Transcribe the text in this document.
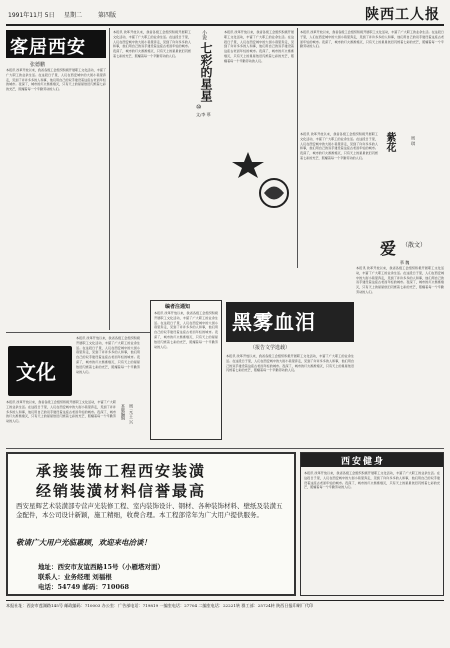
1991年11月 5日 星期二	第四版	陕西工人报
客居西安
张德鹏
本报讯 改革开放以来，我省各级工会组织积极开展职工文化活动，丰富了广大职工的业余生活。在这段日子里，人们在西安城中的大街小巷里奔走，见到了许许多多的人和事，他们用自己的双手建设着这座古老而年轻的城市。夜深了，城市的灯火渐渐熄灭，只有天上的星星依旧闪烁着七彩的光芒，照耀着每一个辛勤劳动的人们。
本报讯 改革开放以来，我省各级工会组织积极开展职工文化活动，丰富了广大职工的业余生活。在这段日子里，人们在西安城中的大街小巷里奔走，见到了许许多多的人和事，他们用自己的双手建设着这座古老而年轻的城市。夜深了，城市的灯火渐渐熄灭，只有天上的星星依旧闪烁着七彩的光芒，照耀着每一个辛勤劳动的人们。
小说
七彩的星星
⑩
文/李 慕
本报讯 改革开放以来，我省各级工会组织积极开展职工文化活动，丰富了广大职工的业余生活。在这段日子里，人们在西安城中的大街小巷里奔走，见到了许许多多的人和事，他们用自己的双手建设着这座古老而年轻的城市。夜深了，城市的灯火渐渐熄灭，只有天上的星星依旧闪烁着七彩的光芒，照耀着每一个辛勤劳动的人们。
本报讯 改革开放以来，我省各级工会组织积极开展职工文化活动，丰富了广大职工的业余生活。在这段日子里，人们在西安城中的大街小巷里奔走，见到了许许多多的人和事，他们用自己的双手建设着这座古老而年轻的城市。夜深了，城市的灯火渐渐熄灭，只有天上的星星依旧闪烁着七彩的光芒，照耀着每一个辛勤劳动的人们。
紫花	周 琪
本报讯 改革开放以来，我省各级工会组织积极开展职工文化活动，丰富了广大职工的业余生活。在这段日子里，人们在西安城中的大街小巷里奔走，见到了许许多多的人和事，他们用自己的双手建设着这座古老而年轻的城市。夜深了，城市的灯火渐渐熄灭，只有天上的星星依旧闪烁着七彩的光芒，照耀着每一个辛勤劳动的人们。
爱 （散文）
慕 魏
本报讯 改革开放以来，我省各级工会组织积极开展职工文化活动，丰富了广大职工的业余生活。在这段日子里，人们在西安城中的大街小巷里奔走，见到了许许多多的人和事，他们用自己的双手建设着这座古老而年轻的城市。夜深了，城市的灯火渐渐熄灭，只有天上的星星依旧闪烁着七彩的光芒，照耀着每一个辛勤劳动的人们。
文化
本报讯 改革开放以来，我省各级工会组织积极开展职工文化活动，丰富了广大职工的业余生活。在这段日子里，人们在西安城中的大街小巷里奔走，见到了许许多多的人和事，他们用自己的双手建设着这座古老而年轻的城市。夜深了，城市的灯火渐渐熄灭，只有天上的星星依旧闪烁着七彩的光芒，照耀着每一个辛勤劳动的人们。
本版编辑 周 元 王 兴
本报讯 改革开放以来，我省各级工会组织积极开展职工文化活动，丰富了广大职工的业余生活。在这段日子里，人们在西安城中的大街小巷里奔走，见到了许许多多的人和事，他们用自己的双手建设着这座古老而年轻的城市。夜深了，城市的灯火渐渐熄灭，只有天上的星星依旧闪烁着七彩的光芒，照耀着每一个辛勤劳动的人们。
编者注通知
本报讯 改革开放以来，我省各级工会组织积极开展职工文化活动，丰富了广大职工的业余生活。在这段日子里，人们在西安城中的大街小巷里奔走，见到了许许多多的人和事，他们用自己的双手建设着这座古老而年轻的城市。夜深了，城市的灯火渐渐熄灭，只有天上的星星依旧闪烁着七彩的光芒，照耀着每一个辛勤劳动的人们。
黑雾血泪
（报告文学选载）
本报讯 改革开放以来，我省各级工会组织积极开展职工文化活动，丰富了广大职工的业余生活。在这段日子里，人们在西安城中的大街小巷里奔走，见到了许许多多的人和事，他们用自己的双手建设着这座古老而年轻的城市。夜深了，城市的灯火渐渐熄灭，只有天上的星星依旧闪烁着七彩的光芒，照耀着每一个辛勤劳动的人们。
承接装饰工程西安装潢
经销装潢材料信誉最高
西安星辉艺术装潢部专营声光装修工程、室内装饰设计、钢材、各种装饰材料、壁纸及装潢五金配件，本公司设计新颖，施工精细，收费合理。本工程部常年为广大用户提供服务。
敬请广大用户光临惠顾，欢迎来电洽谈！
地址：西安市友谊西路15号（小雁塔对面）
联系人：业务经理 刘福根
电话：54749 邮码：710068
西安健身
本报讯 改革开放以来，我省各级工会组织积极开展职工文化活动，丰富了广大职工的业余生活。在这段日子里，人们在西安城中的大街小巷里奔走，见到了许许多多的人和事，他们用自己的双手建设着这座古老而年轻的城市。夜深了，城市的灯火渐渐熄灭，只有天上的星星依旧闪烁着七彩的光芒，照耀着每一个辛勤劳动的人们。
本报社址：西安市莲湖路145号 邮政编码：710003 办公室：广告部电话：719819 一编室电话：27704 二编室电话：22221转 群工部：25724转 陕西日报印刷厂代印
